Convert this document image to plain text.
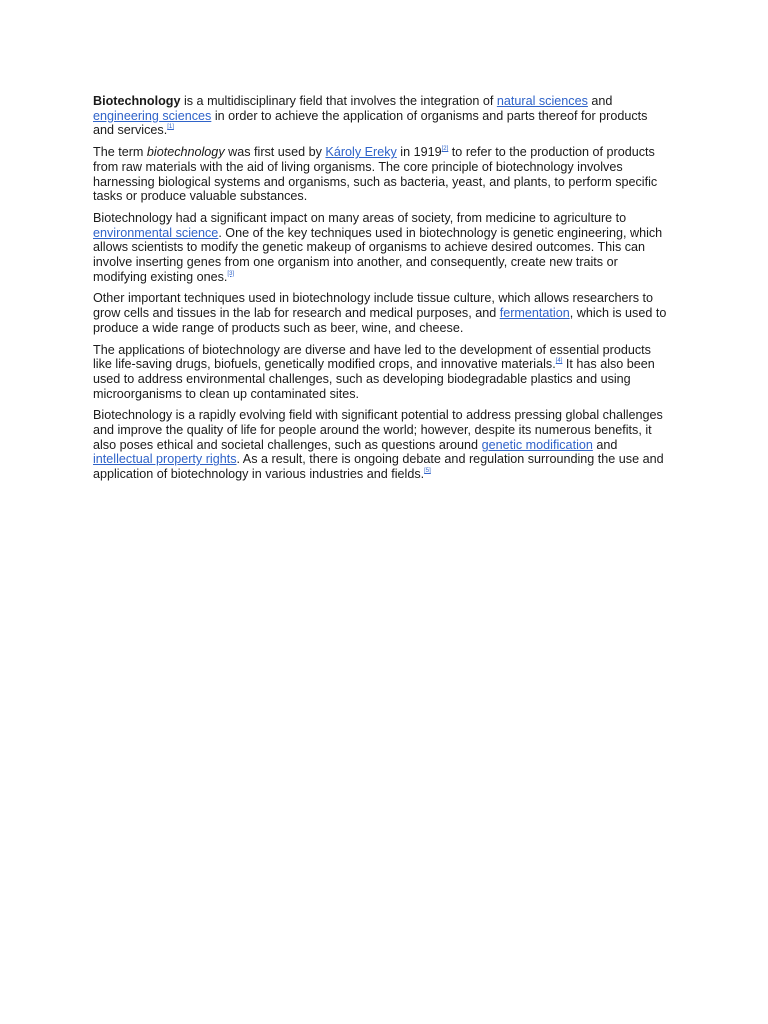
Biotechnology is a multidisciplinary field that involves the integration of natural sciences and engineering sciences in order to achieve the application of organisms and parts thereof for products and services.[1]

The term biotechnology was first used by Károly Ereky in 1919[2] to refer to the production of products from raw materials with the aid of living organisms. The core principle of biotechnology involves harnessing biological systems and organisms, such as bacteria, yeast, and plants, to perform specific tasks or produce valuable substances.

Biotechnology had a significant impact on many areas of society, from medicine to agriculture to environmental science. One of the key techniques used in biotechnology is genetic engineering, which allows scientists to modify the genetic makeup of organisms to achieve desired outcomes. This can involve inserting genes from one organism into another, and consequently, create new traits or modifying existing ones.[3]

Other important techniques used in biotechnology include tissue culture, which allows researchers to grow cells and tissues in the lab for research and medical purposes, and fermentation, which is used to produce a wide range of products such as beer, wine, and cheese.

The applications of biotechnology are diverse and have led to the development of essential products like life-saving drugs, biofuels, genetically modified crops, and innovative materials.[4] It has also been used to address environmental challenges, such as developing biodegradable plastics and using microorganisms to clean up contaminated sites.

Biotechnology is a rapidly evolving field with significant potential to address pressing global challenges and improve the quality of life for people around the world; however, despite its numerous benefits, it also poses ethical and societal challenges, such as questions around genetic modification and intellectual property rights. As a result, there is ongoing debate and regulation surrounding the use and application of biotechnology in various industries and fields.[5]
